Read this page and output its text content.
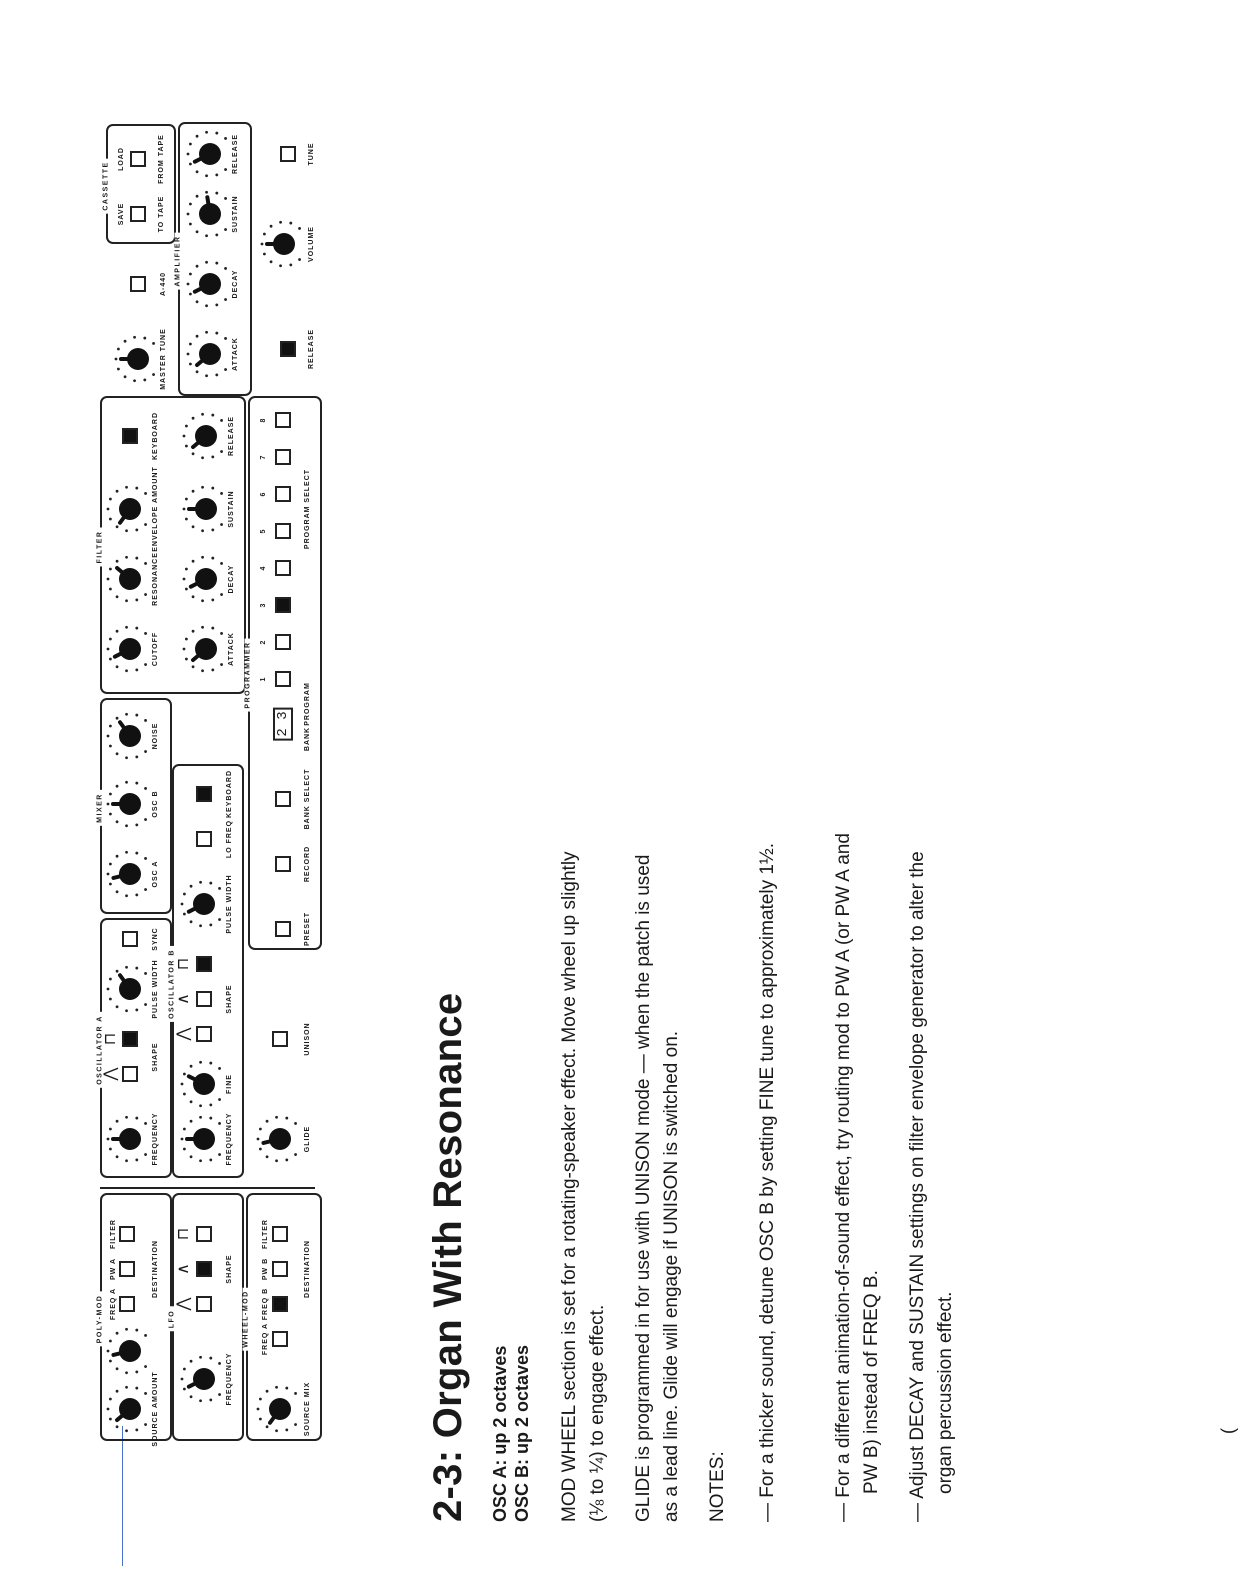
2-3: Organ With Resonance OSC A: up 2 octaves OSC B: up 2 octaves MOD WHEEL section is set for a rotating-speaker effect. Move wheel up slightly (⅛ to ¼) to engage effect. GLIDE is programmed in for use with UNISON mode — when the patch is used as a lead line. Glide will engage if UNISON is switched on. NOTES: — For a thicker sound, detune OSC B by setting FINE tune to approximately 1½.	— For a different animation-of-sound effect, try routing mod to PW A (or PW A and PW B) instead of FREQ B. — Adjust DECAY and SUSTAIN settings on filter envelope generator to alter the organ percussion effect.	(
POLY-MOD
SOURCE AMOUNT
FREQ A
PW A
FILTER
DESTINATION
LFO
FREQUENCY
⋀
∧
⊓
SHAPE
WHEEL-MOD
SOURCE MIX
FREQ A
FREQ B
PW B
FILTER
DESTINATION
OSCILLATOR A
FREQUENCY
⋀
⊓
SHAPE
PULSE WIDTH
SYNC
OSCILLATOR B
FREQUENCY
FINE
⋀
∧
⊓
SHAPE
PULSE WIDTH
LO FREQ
KEYBOARD
GLIDE
UNISON
MIXER
OSC A
OSC B
NOISE
FILTER
CUTOFF
RESONANCE
ENVELOPE AMOUNT
KEYBOARD
ATTACK
DECAY
SUSTAIN
RELEASE
PROGRAMMER
PRESET
RECORD
BANK SELECT
2 3
BANK
PROGRAM
1
2
3
4
5
6
7
8
PROGRAM SELECT
MASTER TUNE
A-440
CASSETTE
SAVE
LOAD
TO TAPE
FROM TAPE
AMPLIFIER
ATTACK
DECAY
SUSTAIN
RELEASE
RELEASE
VOLUME
TUNE
